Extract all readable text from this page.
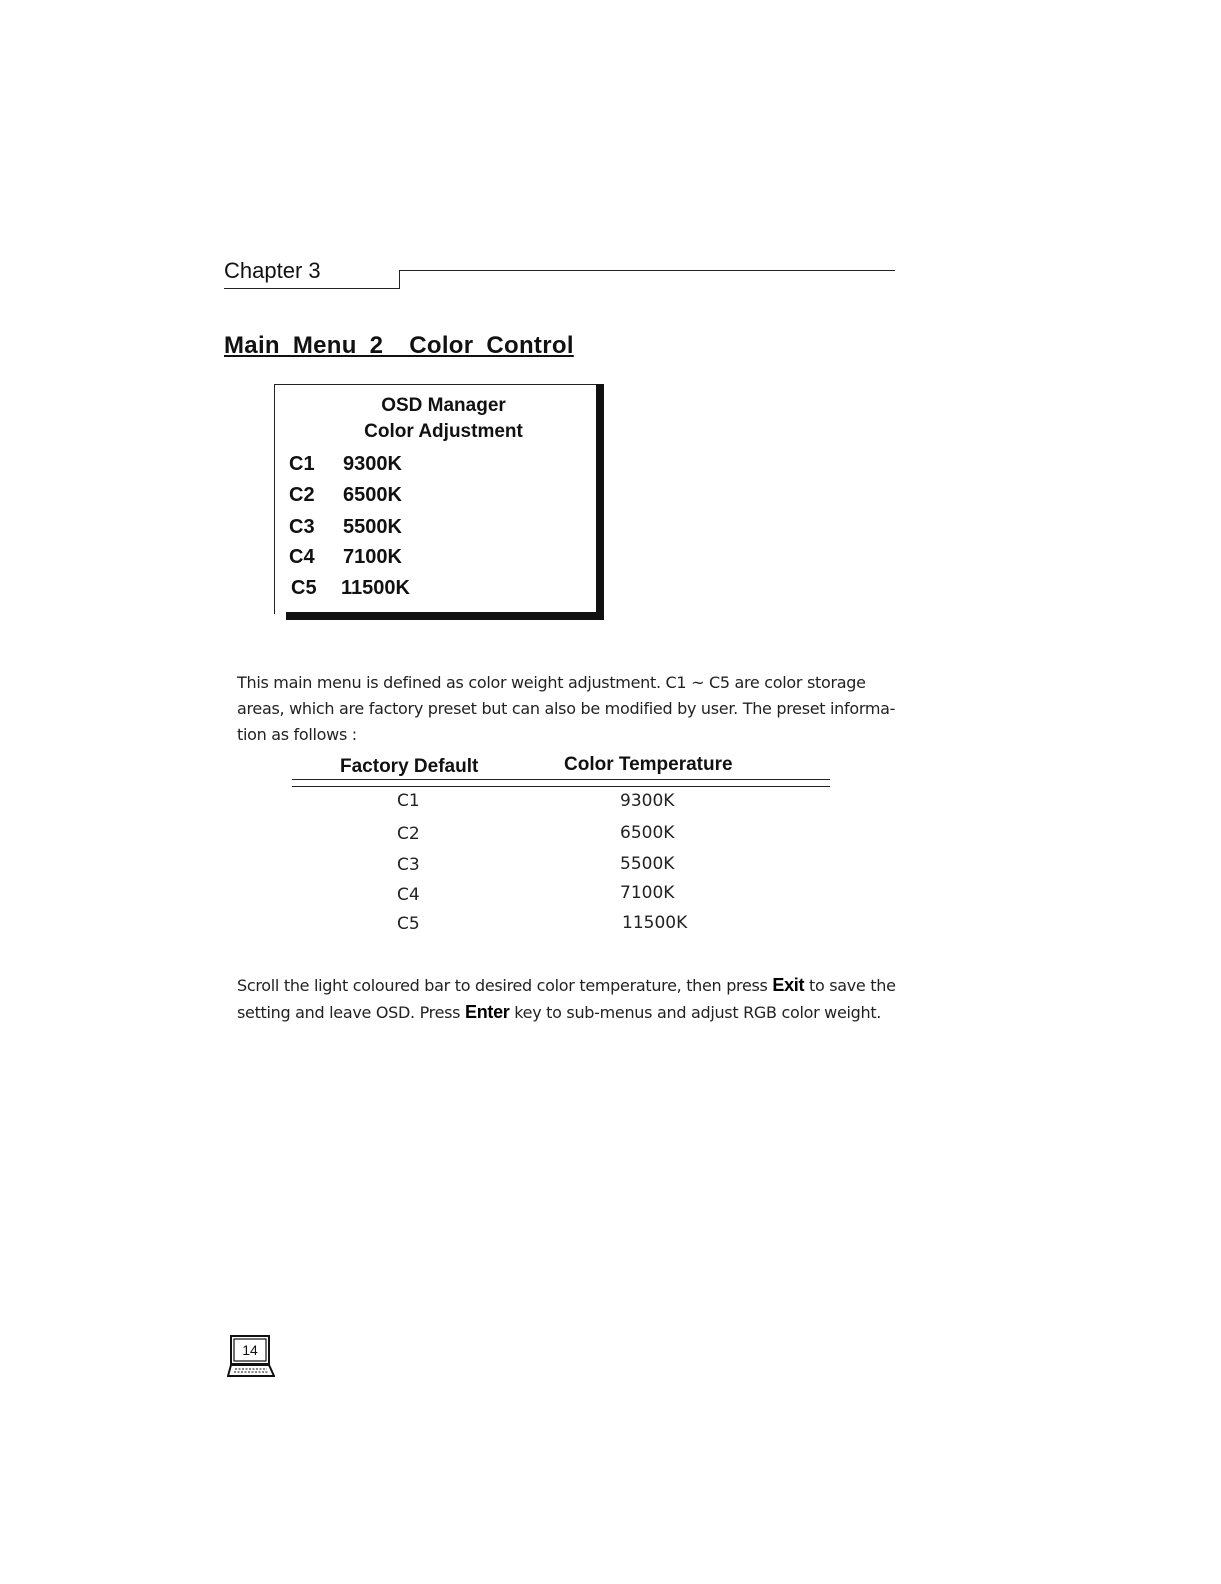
Chapter 3
Main Menu 2  Color Control
OSD Manager
Color Adjustment
C1	9300K
C2	6500K
C3	5500K
C4	7100K
C5	11500K
This main menu is defined as color weight adjustment. C1 ~ C5 are color storage
areas, which are factory preset but can also be modified by user. The preset informa-
tion as follows :
Factory Default	Color Temperature
C1	9300K
C2	6500K
C3	5500K
C4	7100K
C5	11500K
Scroll the light coloured bar to desired color temperature, then press Exit to save the
setting and leave OSD. Press Enter key to sub-menus and adjust RGB color weight.
14
